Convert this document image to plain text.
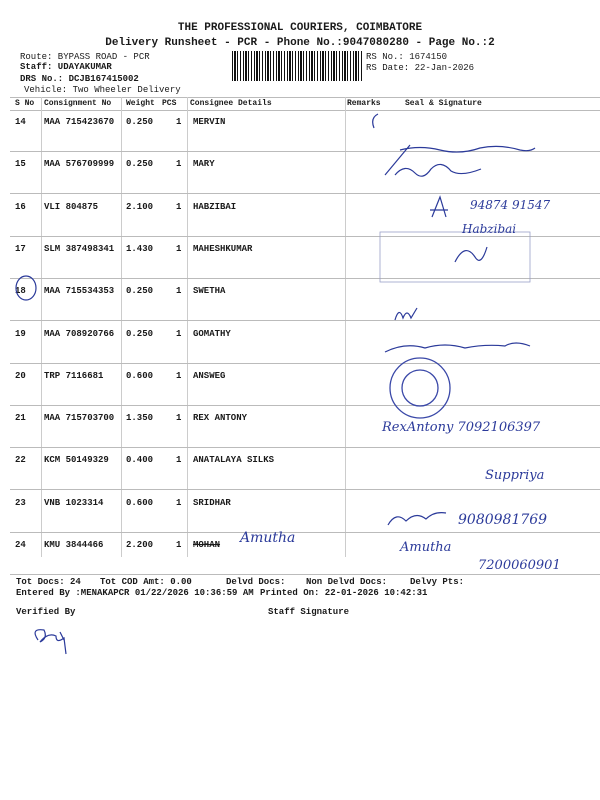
THE PROFESSIONAL COURIERS, COIMBATORE
Delivery Runsheet - PCR - Phone No.:9047080280 - Page No.:2
Route: BYPASS ROAD - PCR
Staff: UDAYAKUMAR
DRS No.: DCJB167415002
Vehicle: Two Wheeler Delivery
RS No.: 1674150
RS Date: 22-Jan-2026
S No Consignment No Weight PCS Consignee Details	Remarks	Seal & Signature
14 MAA 715423670 0.250	1 MERVIN
15 MAA 576709999 0.250	1 MARY
16 VLI 804875	2.100	1 HABZIBAI
17 SLM 387498341 1.430	1 MAHESHKUMAR
18 MAA 715534353 0.250	1 SWETHA
19 MAA 708920766 0.250	1 GOMATHY
20 TRP 7116681	0.600	1 ANSWEG
21 MAA 715703700 1.350	1 REX ANTONY
22 KCM 50149329 0.400	1 ANATALAYA SILKS
23 VNB 1023314	0.600	1 SRIDHAR
24 KMU 3844466	2.200	1 MOHAN
94874 91547
Habzibai
RexAntony 7092106397
Suppriya
9080981769
Amutha
Amutha
7200060901
Tot Docs: 24 Tot COD Amt: 0.00	Delvd Docs: Non Delvd Docs:	Delvy Pts:
Entered By :MENAKAPCR 01/22/2026 10:36:59 AM Printed On: 22-01-2026 10:42:31
Verified By	Staff Signature
